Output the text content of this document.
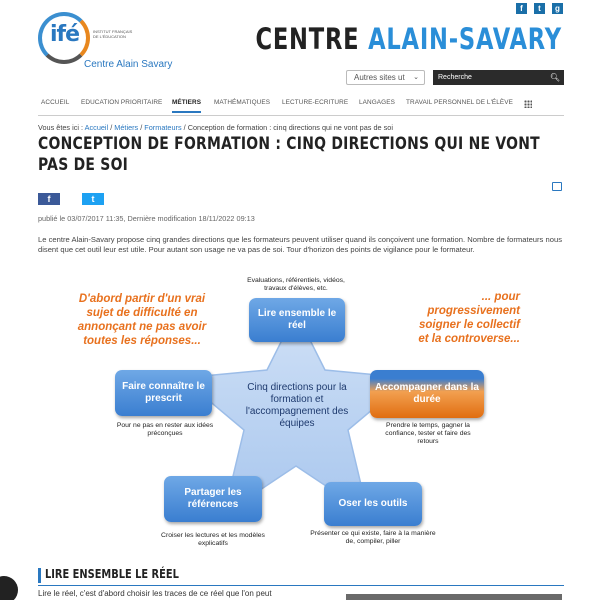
f	t	g
ifé	INSTITUT FRANÇAIS DE L'ÉDUCATION
Centre Alain Savary
CENTRE ALAIN-SAVARY
Autres sites ut ⌄	Recherche	🔍︎
ACCUEIL EDUCATION PRIORITAIRE MÉTIERS MATHÉMATIQUES LECTURE-ECRITURE LANGAGES TRAVAIL PERSONNEL DE L'ÉLÈVE
Vous êtes ici : Accueil / Métiers / Formateurs / Conception de formation : cinq directions qui ne vont pas de soi
CONCEPTION DE FORMATION : CINQ DIRECTIONS QUI NE VONT PAS DE SOI
f	t
publié le 03/07/2017 11:35, Dernière modification 18/11/2022 09:13

Le centre Alain-Savary propose cinq grandes directions que les formateurs peuvent utiliser quand ils conçoivent une formation. Nombre de formateurs nous disent que cet outil leur est utile. Pour autant son usage ne va pas de soi. Tour d'horizon des points de vigilance pour le formateur.

D'abord partir d'un vrai
sujet de difficulté en
annonçant ne pas avoir
toutes les réponses...
... pour
progressivement
soigner le collectif
et la controverse...
Evaluations, référentiels, vidéos, travaux d'élèves, etc.
Lire ensemble le réel
Faire connaître le prescrit
Pour ne pas en rester aux idées préconçues
Accompagner dans la durée
Prendre le temps, gagner la confiance, tester et faire des retours
Partager les références
Croiser les lectures et les modèles explicatifs
Oser les outils
Présenter ce qui existe, faire à la manière de, compiler, piller
Cinq directions pour la formation et l'accompagnement des équipes
LIRE ENSEMBLE LE RÉEL

Lire le réel, c'est d'abord choisir les traces de ce réel que l'on peut
